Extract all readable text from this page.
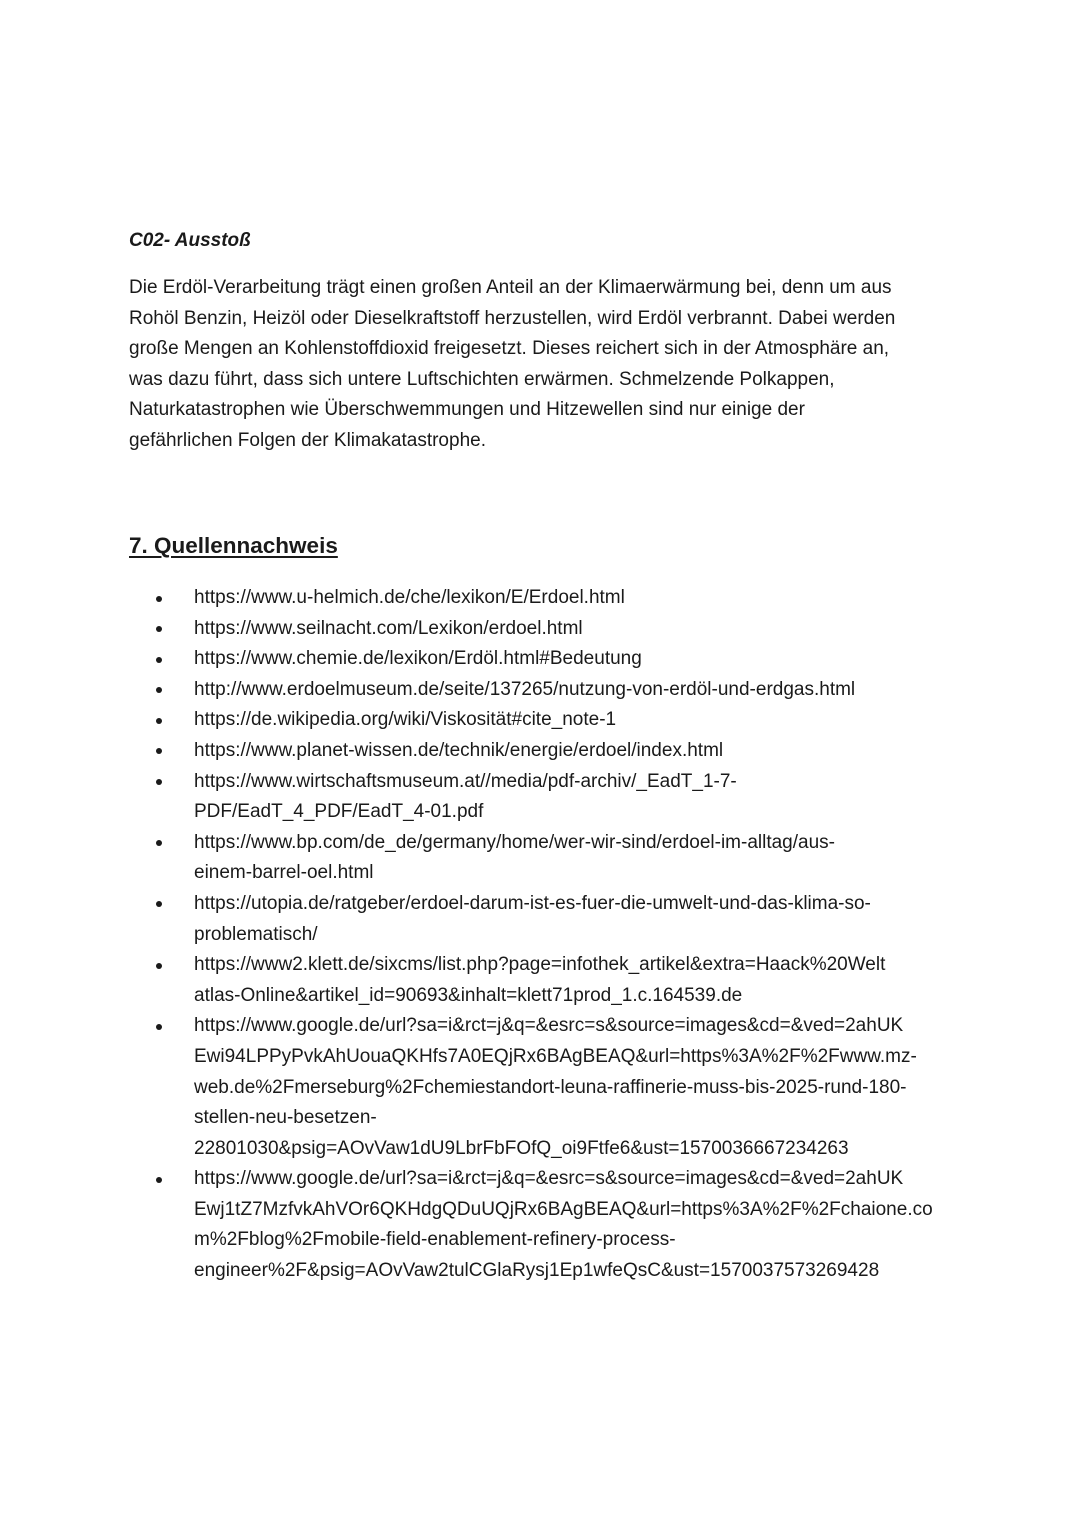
C02- Ausstoß

Die Erdöl-Verarbeitung trägt einen großen Anteil an der Klimaerwärmung bei, denn um aus
Rohöl Benzin, Heizöl oder Dieselkraftstoff herzustellen, wird Erdöl verbrannt. Dabei werden
große Mengen an Kohlenstoffdioxid freigesetzt. Dieses reichert sich in der Atmosphäre an,
was dazu führt, dass sich untere Luftschichten erwärmen. Schmelzende Polkappen,
Naturkatastrophen wie Überschwemmungen und Hitzewellen sind nur einige der
gefährlichen Folgen der Klimakatastrophe.

7. Quellennachweis
https://www.u-helmich.de/che/lexikon/E/Erdoel.html
https://www.seilnacht.com/Lexikon/erdoel.html
https://www.chemie.de/lexikon/Erdöl.html#Bedeutung
http://www.erdoelmuseum.de/seite/137265/nutzung-von-erdöl-und-erdgas.html
https://de.wikipedia.org/wiki/Viskosität#cite_note-1
https://www.planet-wissen.de/technik/energie/erdoel/index.html
https://www.wirtschaftsmuseum.at//media/pdf-archiv/_EadT_1-7-
PDF/EadT_4_PDF/EadT_4-01.pdf
https://www.bp.com/de_de/germany/home/wer-wir-sind/erdoel-im-alltag/aus-
einem-barrel-oel.html
https://utopia.de/ratgeber/erdoel-darum-ist-es-fuer-die-umwelt-und-das-klima-so-
problematisch/
https://www2.klett.de/sixcms/list.php?page=infothek_artikel&extra=Haack%20Welt
atlas-Online&artikel_id=90693&inhalt=klett71prod_1.c.164539.de
https://www.google.de/url?sa=i&rct=j&q=&esrc=s&source=images&cd=&ved=2ahUK
Ewi94LPPyPvkAhUouaQKHfs7A0EQjRx6BAgBEAQ&url=https%3A%2F%2Fwww.mz-
web.de%2Fmerseburg%2Fchemiestandort-leuna-raffinerie-muss-bis-2025-rund-180-
stellen-neu-besetzen-
22801030&psig=AOvVaw1dU9LbrFbFOfQ_oi9Ftfe6&ust=1570036667234263
https://www.google.de/url?sa=i&rct=j&q=&esrc=s&source=images&cd=&ved=2ahUK
Ewj1tZ7MzfvkAhVOr6QKHdgQDuUQjRx6BAgBEAQ&url=https%3A%2F%2Fchaione.co
m%2Fblog%2Fmobile-field-enablement-refinery-process-
engineer%2F&psig=AOvVaw2tulCGlaRysj1Ep1wfeQsC&ust=1570037573269428
